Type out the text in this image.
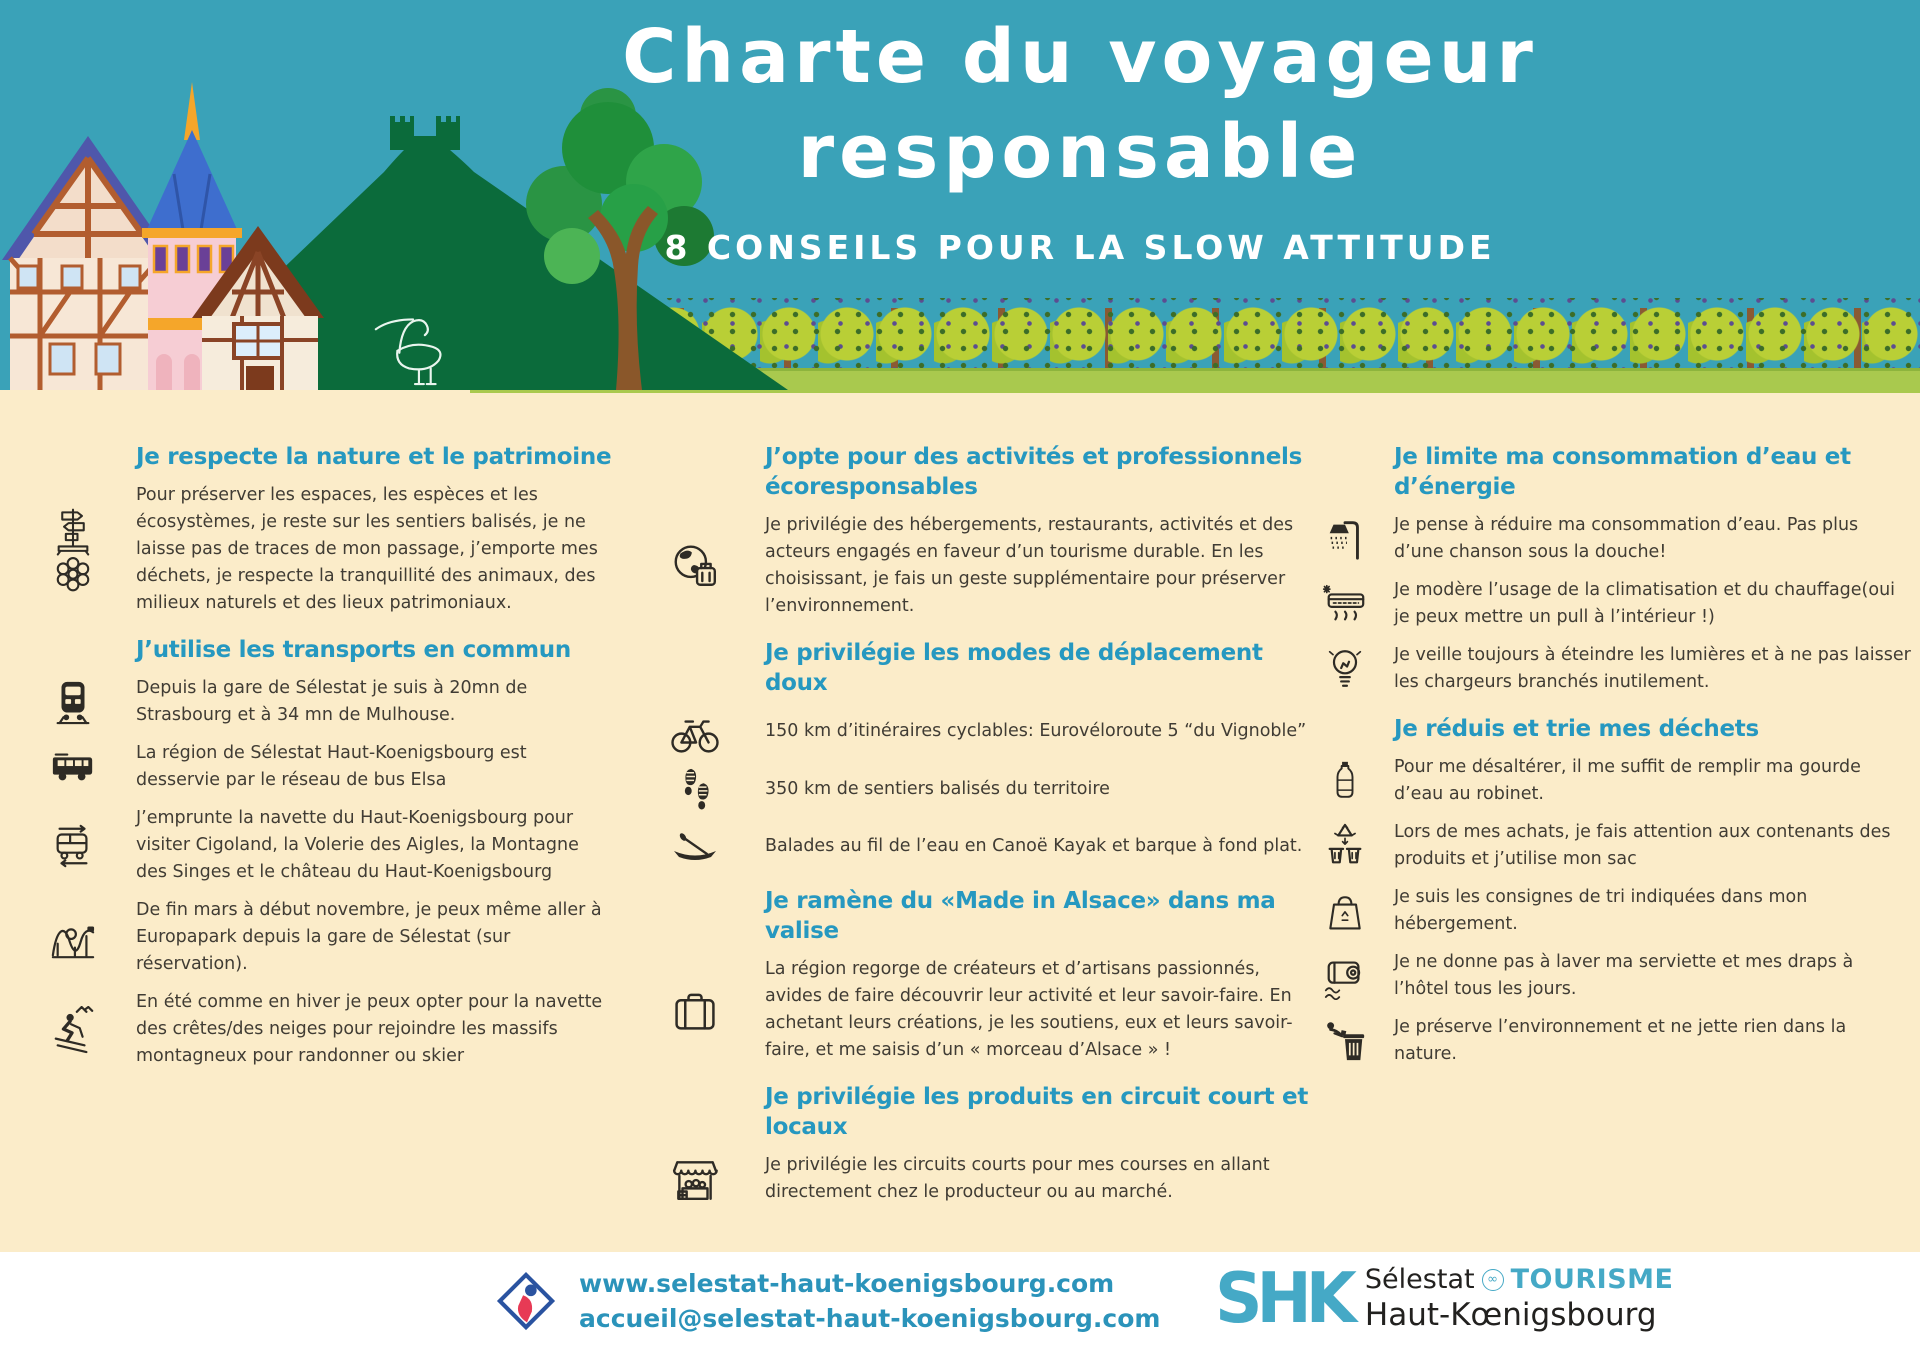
Charte du voyageur
responsable
8 CONSEILS POUR LA SLOW ATTITUDE
Je respecte la nature et le patrimoine

Pour préserver les espaces, les espèces et les écosystèmes, je reste sur les sentiers balisés, je ne laisse pas de traces de mon passage, j’emporte mes déchets, je respecte la tranquillité des animaux, des milieux naturels et des lieux patrimoniaux.

J’utilise les transports en commun

Depuis la gare de Sélestat je suis à 20mn de Strasbourg et à 34 mn de Mulhouse.

La région de Sélestat Haut-Koenigsbourg est desservie par le réseau de bus Elsa

J’emprunte la navette du Haut-Koenigsbourg pour visiter Cigoland, la Volerie des Aigles, la Montagne des Singes et le château du Haut-Koenigsbourg

De fin mars à début novembre, je peux même aller à Europapark depuis la gare de Sélestat (sur réservation).

En été comme en hiver je peux opter pour la navette des crêtes/des neiges pour rejoindre les massifs montagneux pour randonner ou skier

J’opte pour des activités et professionnels écoresponsables

Je privilégie des hébergements, restaurants, activités et des acteurs engagés en faveur d’un tourisme durable. En les choisissant, je fais un geste supplémentaire pour préserver l’environnement.

Je privilégie les modes de déplacement doux

150 km d’itinéraires cyclables: Eurovéloroute 5 “du Vignoble”

350 km de sentiers balisés du territoire

Balades au fil de l’eau en Canoë Kayak et barque à fond plat.

Je ramène du «Made in Alsace» dans ma valise

La région regorge de créateurs et d’artisans passionnés, avides de faire découvrir leur activité et leur savoir-faire. En achetant leurs créations, je les soutiens, eux et leurs savoir-faire, et me saisis d’un « morceau d’Alsace » !

Je privilégie les produits en circuit court et locaux

Je privilégie les circuits courts pour mes courses en allant directement chez le producteur ou au marché.

Je limite ma consommation d’eau et d’énergie

Je pense à réduire ma consommation d’eau. Pas plus d’une chanson sous la douche!

Je modère l’usage de la climatisation et du chauffage(oui je peux mettre un pull à l’intérieur !)

Je veille toujours à éteindre les lumières et à ne pas laisser les chargeurs branchés inutilement.

Je réduis et trie mes déchets

Pour me désaltérer, il me suffit de remplir ma gourde d’eau au robinet.

Lors de mes achats, je fais attention aux contenants des produits et j’utilise mon sac

Je suis les consignes de tri indiquées dans mon hébergement.

Je ne donne pas à laver ma serviette et mes draps à l’hôtel tous les jours.

Je préserve l’environnement et ne jette rien dans la nature.

www.selestat-haut-koenigsbourg.com
accueil@selestat-haut-koenigsbourg.com SHK Sélestat ∞ TOURISME
Haut-Kœnigsbourg
